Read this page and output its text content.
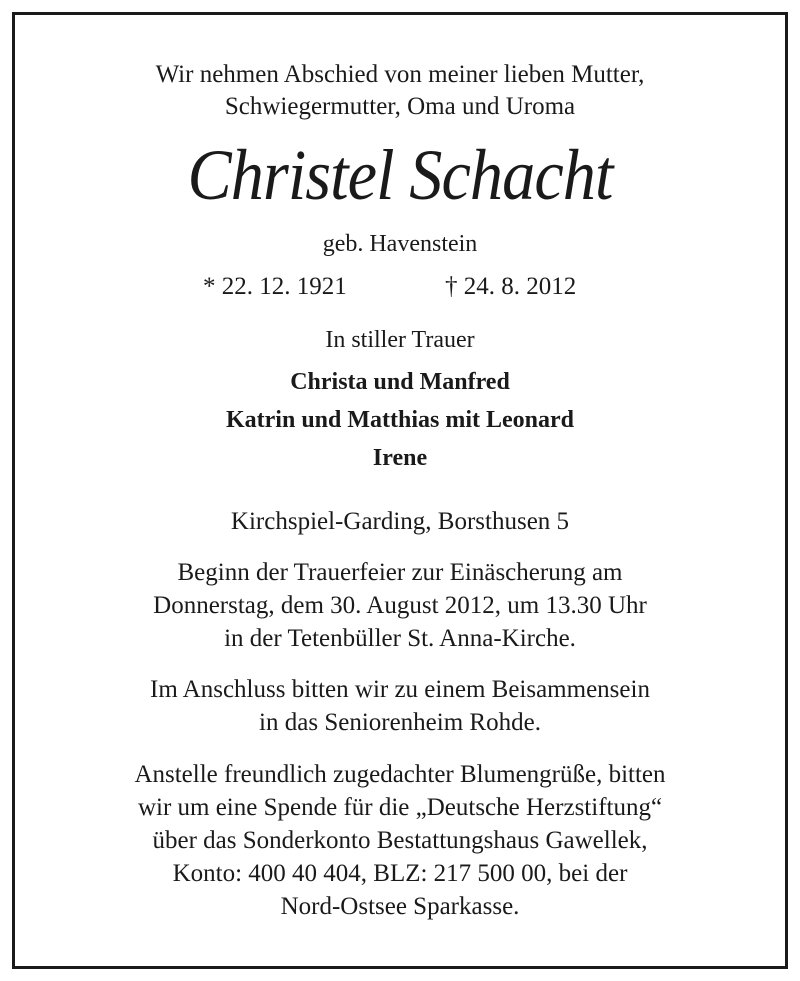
Wir nehmen Abschied von meiner lieben Mutter,
Schwiegermutter, Oma und Uroma
Christel Schacht
geb. Havenstein
* 22. 12. 1921	† 24. 8. 2012
In stiller Trauer
Christa und Manfred
Katrin und Matthias mit Leonard
Irene
Kirchspiel-Garding, Borsthusen 5
Beginn der Trauerfeier zur Einäscherung am
Donnerstag, dem 30. August 2012, um 13.30 Uhr
in der Tetenbüller St. Anna-Kirche.
Im Anschluss bitten wir zu einem Beisammensein
in das Seniorenheim Rohde.
Anstelle freundlich zugedachter Blumengrüße, bitten
wir um eine Spende für die „Deutsche Herzstiftung“
über das Sonderkonto Bestattungshaus Gawellek,
Konto: 400 40 404, BLZ: 217 500 00, bei der
Nord-Ostsee Sparkasse.
